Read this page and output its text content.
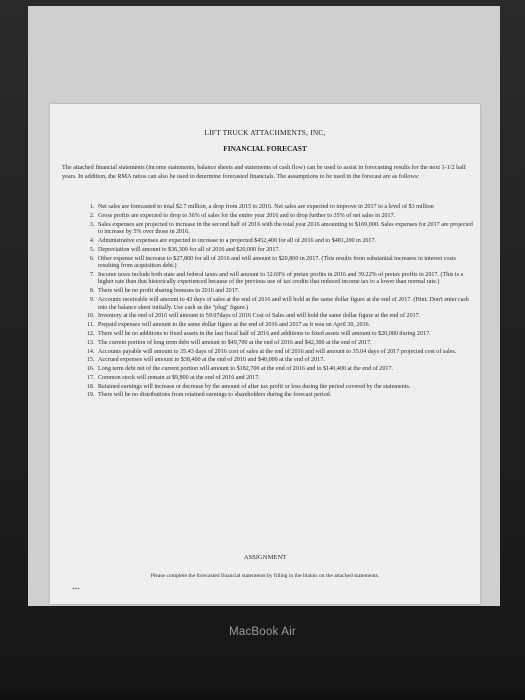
LIFT TRUCK ATTACHMENTS, INC,
FINANCIAL FORECAST
The attached financial statements (income statements, balance sheets and statements of cash flow) can be used to assist in forecasting results for the next 1-1/2 half years. In addition, the RMA ratios can also be used to determine forecasted financials. The assumptions to be used in the forecast are as follows:
1. Net sales are forecasted to total $2.7 million, a drop from 2015 to 2016. Net sales are expected to improve in 2017 to a level of $3 million
2. Gross profits are expected to drop to 36% of sales for the entire year 2016 and to drop further to 35% of net sales in 2017.
3. Sales expenses are projected to increase in the second half of 2016 with the total year 2016 amounting to $169,000. Sales expenses for 2017 are projected to increase by 5% over those in 2016.
4. Administrative expenses are expected to increase to a projected $452,400 for all of 2016 and to $481,200 in 2017.
5. Depreciation will amount to $36,300 for all of 2016 and $20,000 for 2017.
6. Other expense will increase to $27,800 for all of 2016 and will amount to $20,800 in 2017. (This results from substantial increases in interest costs resulting from acquisition debt.)
7. Income taxes include both state and federal taxes and will amount to 32.69% of pretax profits in 2016 and 39.22% of pretax profits in 2017. (This is a higher rate than that historically experienced because of the previous use of tax credits that reduced income tax to a lower than normal rate.)
8. There will be no profit sharing bonuses in 2016 and 2017.
9. Accounts receivable will amount to 43 days of sales at the end of 2016 and will hold at the same dollar figure at the end of 2017. (Hint: Don't enter cash into the balance sheet initially. Use cash as the "plug" figure.)
10. Inventory at the end of 2016 will amount to 59.07days of 2016 Cost of Sales and will hold the same dollar figure at the end of 2017.
11. Prepaid expenses will amount to the same dollar figure at the end of 2016 and 2017 as it was on April 30, 2016.
12. There will be no additions to fixed assets in the last fiscal half of 2016 and additions to fixed assets will amount to $20,000 during 2017.
13. The current portion of long term debt will amount to $49,700 at the end of 2016 and $42,300 at the end of 2017.
14. Accounts payable will amount to 35.43 days of 2016 cost of sales at the end of 2016 and will amount to 35.04 days of 2017 projected cost of sales.
15. Accrued expenses will amount to $38,400 at the end of 2016 and $40,000 at the end of 2017.
16. Long term debt net of the current portion will amount to $182,700 at the end of 2016 and to $140,400 at the end of 2017.
17. Common stock will remain at $9,800 at the end of 2016 and 2017.
18. Retained earnings will increase or decrease by the amount of after tax profit or loss during the period covered by the statements.
19. There will be no distributions from retained earnings to shareholders during the forecast period.
ASSIGNMENT
Please complete the forecasted financial statements by filling in the blanks on the attached statements.
***
MacBook Air
